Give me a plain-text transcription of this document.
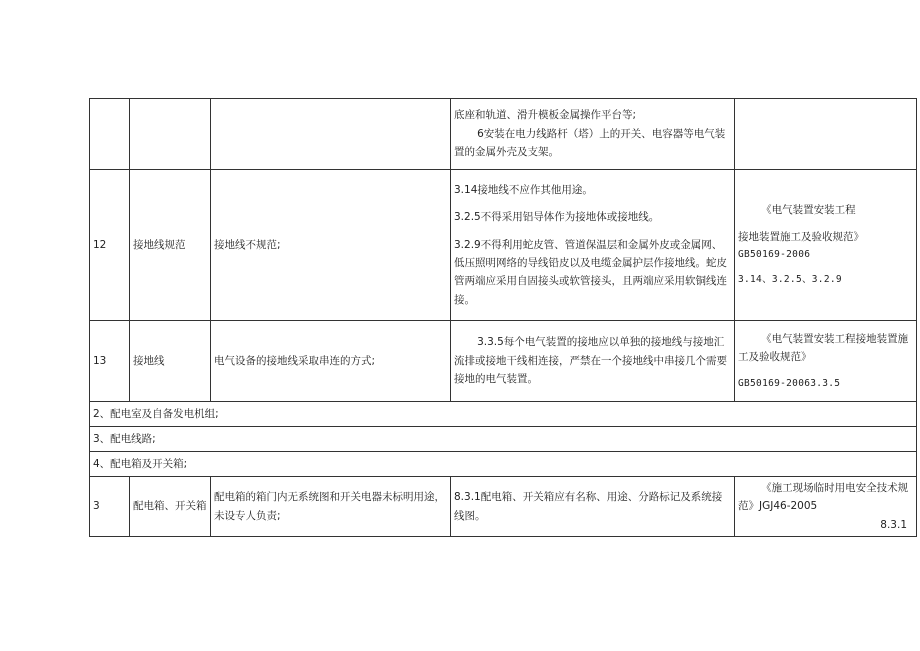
			底座和轨道、滑升模板金属操作平台等;
6安装在电力线路杆（塔）上的开关、电容器等电气装置的金属外壳及支架。	

12	接地线规范	接地线不规范;	3.14接地线不应作其他用途。
3.2.5不得采用铝导体作为接地体或接地线。
3.2.9不得利用蛇皮管、管道保温层和金属外皮或金属网、低压照明网络的导线铅皮以及电缆金属护层作接地线。蛇皮管两端应采用自固接头或软管接头，且两端应采用软铜线连接。	《电气装置安装工程
接地装置施工及验收规范》
GB50169-2006
3.14、3.2.5、3.2.9

13	接地线	电气设备的接地线采取串连的方式;	3.3.5每个电气装置的接地应以单独的接地线与接地汇流排或接地干线相连接，严禁在一个接地线中串接几个需要接地的电气装置。	《电气装置安装工程接地装置施工及验收规范》
GB50169-20063.3.5

2、配电室及自备发电机组;				
3、配电线路;				
4、配电箱及开关箱;				
3	配电箱、开关箱	配电箱的箱门内无系统图和开关电器未标明用途，未设专人负责;	8.3.1配电箱、开关箱应有名称、用途、分路标记及系统接线图。	《施工现场临时用电安全技术规范》JGJ46-2005
8.3.1
